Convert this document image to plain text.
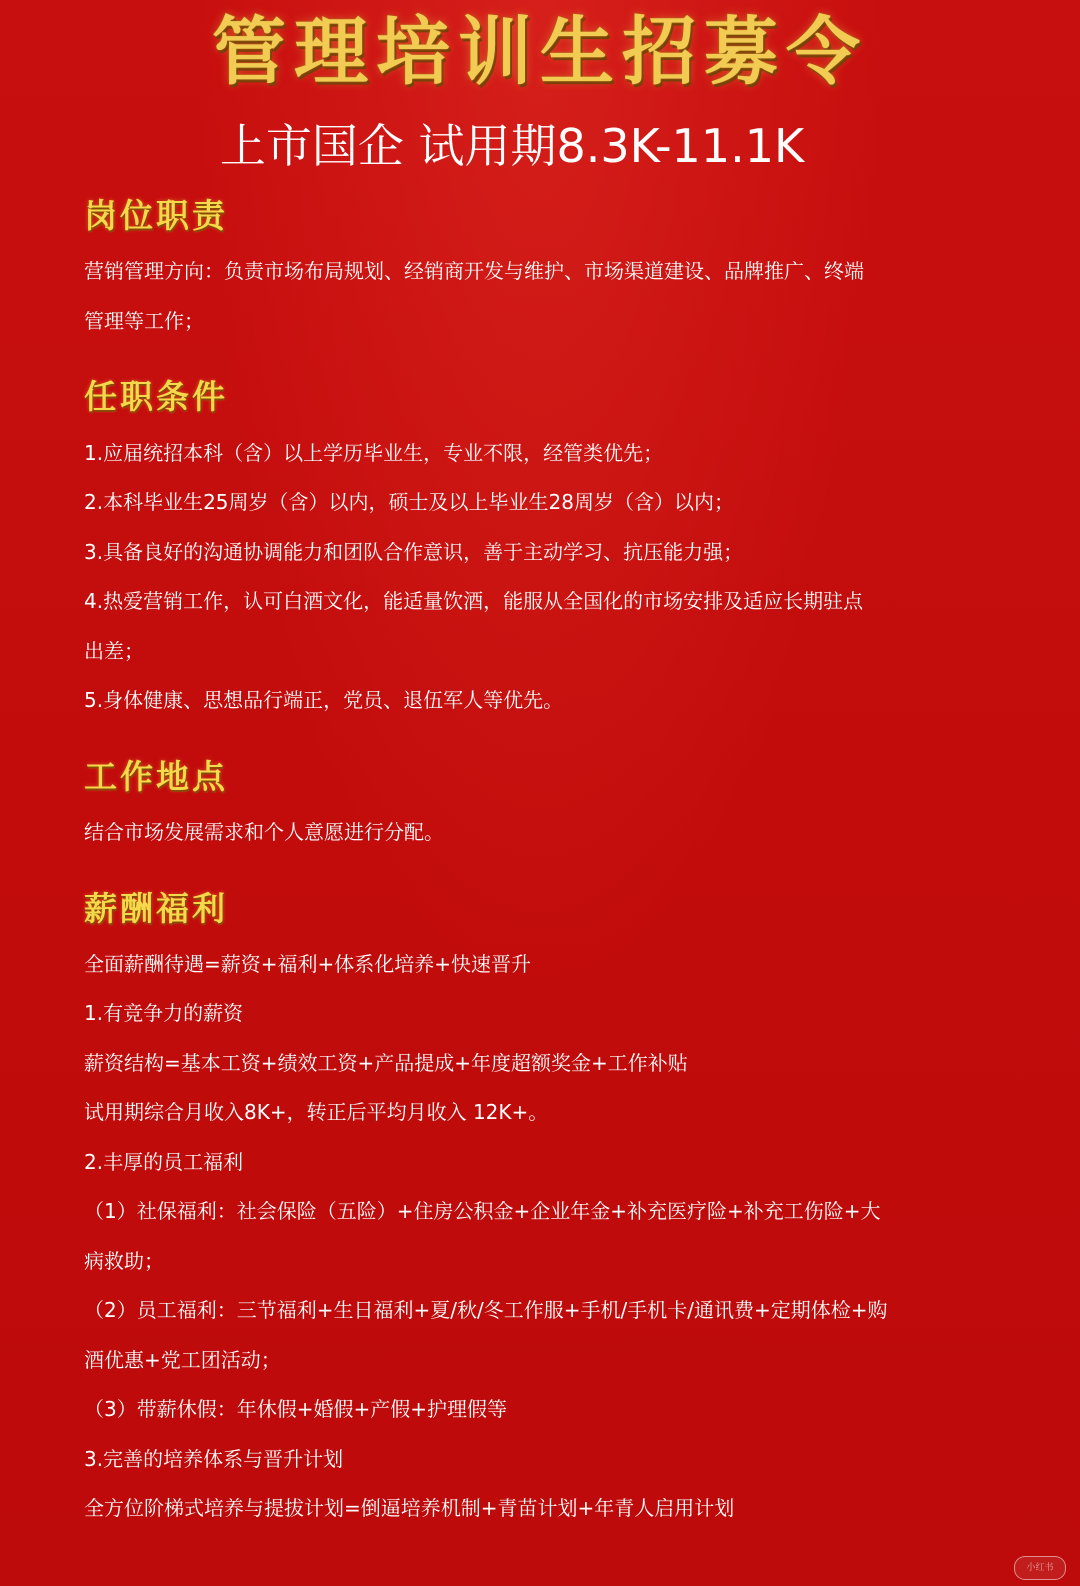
管理培训生招募令
上市国企 试用期8.3K-11.1K
岗位职责
营销管理方向：负责市场布局规划、经销商开发与维护、市场渠道建设、品牌推广、终端
管理等工作；
任职条件
1.应届统招本科（含）以上学历毕业生，专业不限，经管类优先；
2.本科毕业生25周岁（含）以内，硕士及以上毕业生28周岁（含）以内；
3.具备良好的沟通协调能力和团队合作意识，善于主动学习、抗压能力强；
4.热爱营销工作，认可白酒文化，能适量饮酒，能服从全国化的市场安排及适应长期驻点
出差；
5.身体健康、思想品行端正，党员、退伍军人等优先。
工作地点
结合市场发展需求和个人意愿进行分配。
薪酬福利
全面薪酬待遇=薪资+福利+体系化培养+快速晋升
1.有竞争力的薪资
薪资结构=基本工资+绩效工资+产品提成+年度超额奖金+工作补贴
试用期综合月收入8K+，转正后平均月收入 12K+。
2.丰厚的员工福利
（1）社保福利：社会保险（五险）+住房公积金+企业年金+补充医疗险+补充工伤险+大
病救助；
（2）员工福利：三节福利+生日福利+夏/秋/冬工作服+手机/手机卡/通讯费+定期体检+购
酒优惠+党工团活动；
（3）带薪休假：年休假+婚假+产假+护理假等
3.完善的培养体系与晋升计划
全方位阶梯式培养与提拔计划=倒逼培养机制+青苗计划+年青人启用计划
小红书
